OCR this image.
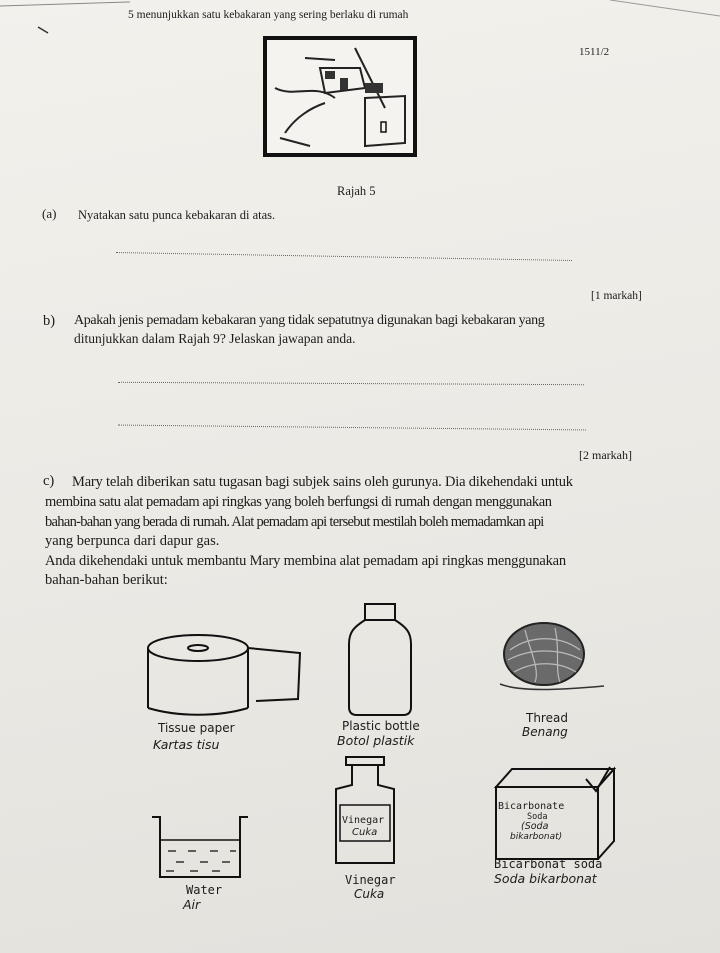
5 menunjukkan satu kebakaran yang sering berlaku di rumah
1511/2
Rajah 5
(a) Nyatakan satu punca kebakaran di atas.
[1 markah]
b) Apakah jenis pemadam kebakaran yang tidak sepatutnya digunakan bagi kebakaran yang
ditunjukkan dalam Rajah 9? Jelaskan jawapan anda.
[2 markah]
c) Mary telah diberikan satu tugasan bagi subjek sains oleh gurunya. Dia dikehendaki untuk
membina satu alat pemadam api ringkas yang boleh berfungsi di rumah dengan menggunakan
bahan-bahan yang berada di rumah. Alat pemadam api tersebut mestilah boleh memadamkan api
yang berpunca dari dapur gas.
Anda dikehendaki untuk membantu Mary membina alat pemadam api ringkas menggunakan
bahan-bahan berikut:
Tissue paper
Kartas tisu
Plastic bottle
Botol plastik
Thread
Benang
Water
Air
Vinegar
Cuka
Vinegar
Cuka
Bicarbonate
Soda
(Soda
bikarbonat)
Bicarbonat soda
Soda bikarbonat
